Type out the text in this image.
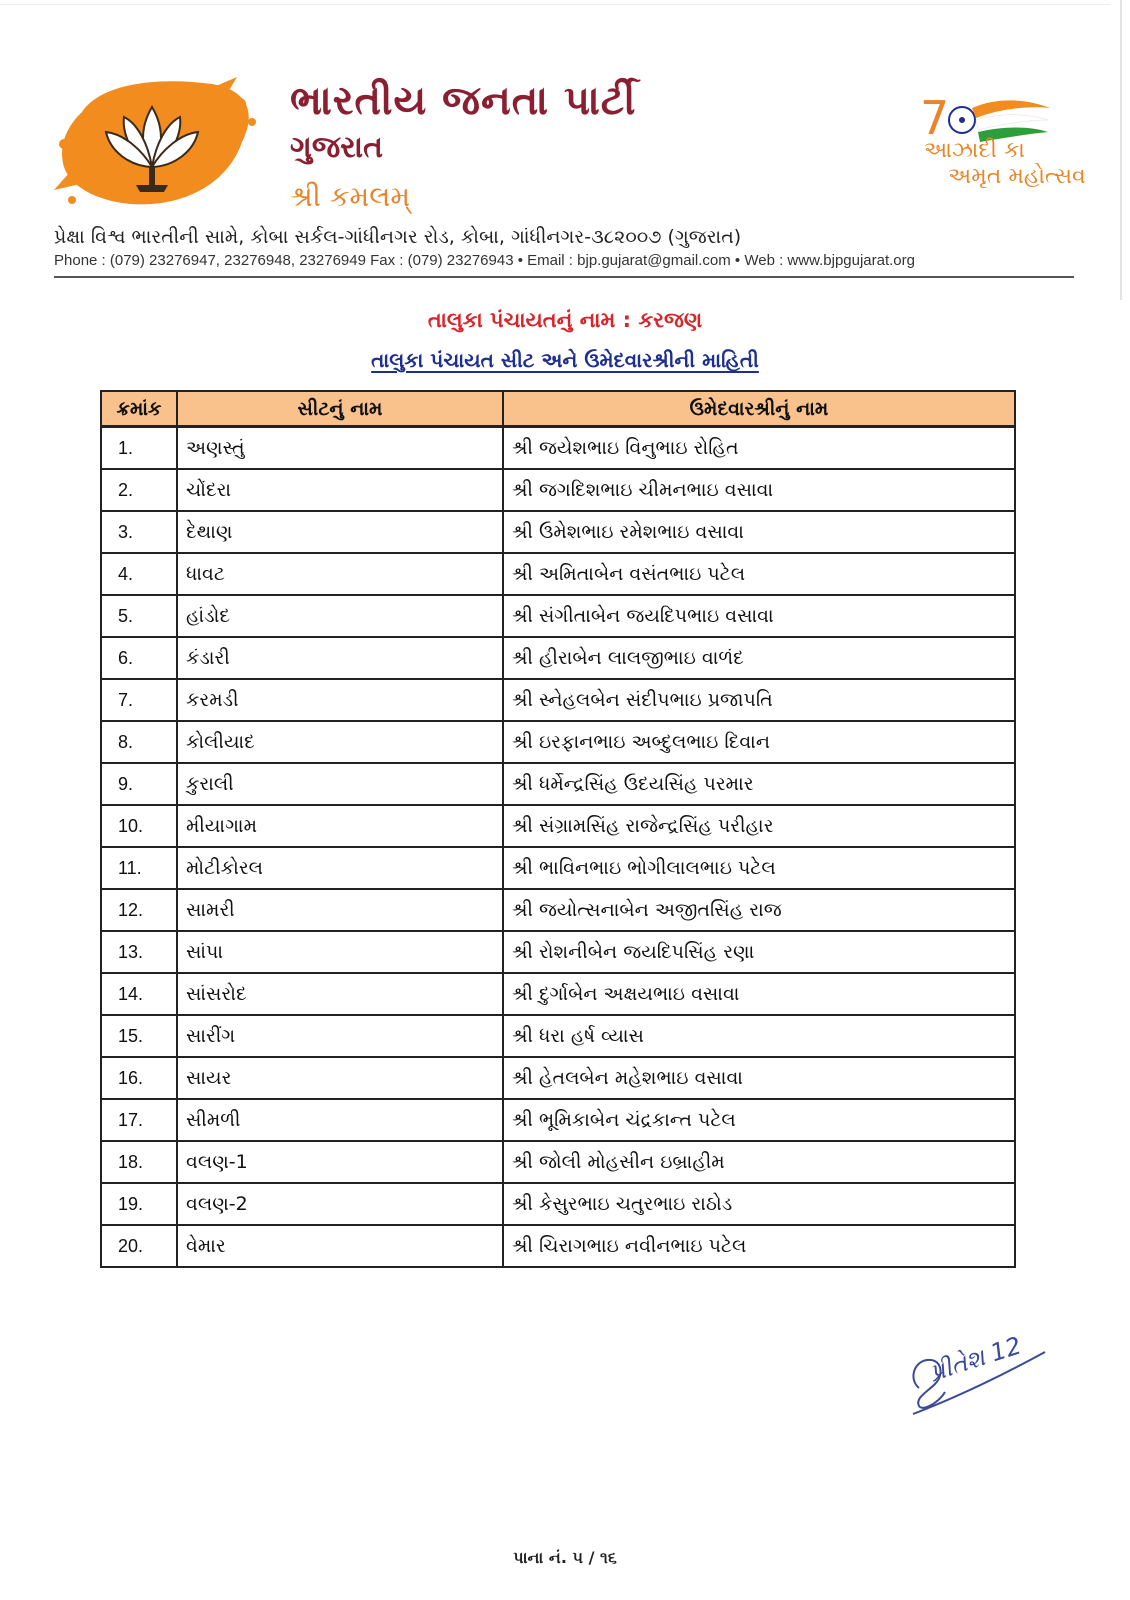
ભારતીય જનતા પાર્ટી
ગુજરાત
શ્રી કમલમ્
7
આઝાદી કા
અમૃત મહોત્સવ
પ્રેક્ષા વિશ્વ ભારતીની સામે, કોબા સર્કલ-ગાંધીનગર રોડ, કોબા, ગાંધીનગર-૩૮૨૦૦૭ (ગુજરાત)
Phone : (079) 23276947, 23276948, 23276949 Fax : (079) 23276943 • Email : bjp.gujarat@gmail.com • Web : www.bjpgujarat.org
તાલુકા પંચાયતનું નામ : કરજણ
તાલુકા પંચાયત સીટ અને ઉમેદવારશ્રીની માહિતી
ક્રમાંક	સીટનું નામ	ઉમેદવારશ્રીનું નામ
1.	અણસ્તું	શ્રી જયેશભાઇ વિનુભાઇ રોહિત
2.	ચોંદરા	શ્રી જગદિશભાઇ ચીમનભાઇ વસાવા
3.	દેથાણ	શ્રી ઉમેશભાઇ રમેશભાઇ વસાવા
4.	ધાવટ	શ્રી અમિતાબેન વસંતભાઇ પટેલ
5.	હાંડોદ	શ્રી સંગીતાબેન જયદિપભાઇ વસાવા
6.	કંડારી	શ્રી હીરાબેન લાલજીભાઇ વાળંદ
7.	કરમડી	શ્રી સ્નેહલબેન સંદીપભાઇ પ્રજાપતિ
8.	કોલીયાદ	શ્રી ઇરફાનભાઇ અબ્દુલભાઇ દિવાન
9.	કુરાલી	શ્રી ધર્મેન્દ્રસિંહ ઉદયસિંહ પરમાર
10.	મીયાગામ	શ્રી સંગ્રામસિંહ રાજેન્દ્રસિંહ પરીહાર
11.	મોટીકોરલ	શ્રી ભાવિનભાઇ ભોગીલાલભાઇ પટેલ
12.	સામરી	શ્રી જયોત્સનાબેન અજીતસિંહ રાજ
13.	સાંપા	શ્રી રોશનીબેન જયદિપસિંહ રણા
14.	સાંસરોદ	શ્રી દુર્ગાબેન અક્ષયભાઇ વસાવા
15.	સારીંગ	શ્રી ધરા હર્ષ વ્યાસ
16.	સાયર	શ્રી હેતલબેન મહેશભાઇ વસાવા
17.	સીમળી	શ્રી ભૂમિકાબેન ચંદ્રકાન્ત પટેલ
18.	વલણ-1	શ્રી જોલી મોહસીન ઇબ્રાહીમ
19.	વલણ-2	શ્રી કેસુરભાઇ ચતુરભાઇ રાઠોડ
20.	વેમાર	શ્રી ચિરાગભાઇ નવીનભાઇ પટેલ
પ્રીતેશ 12
પાના નં. ૫ / ૧૬
